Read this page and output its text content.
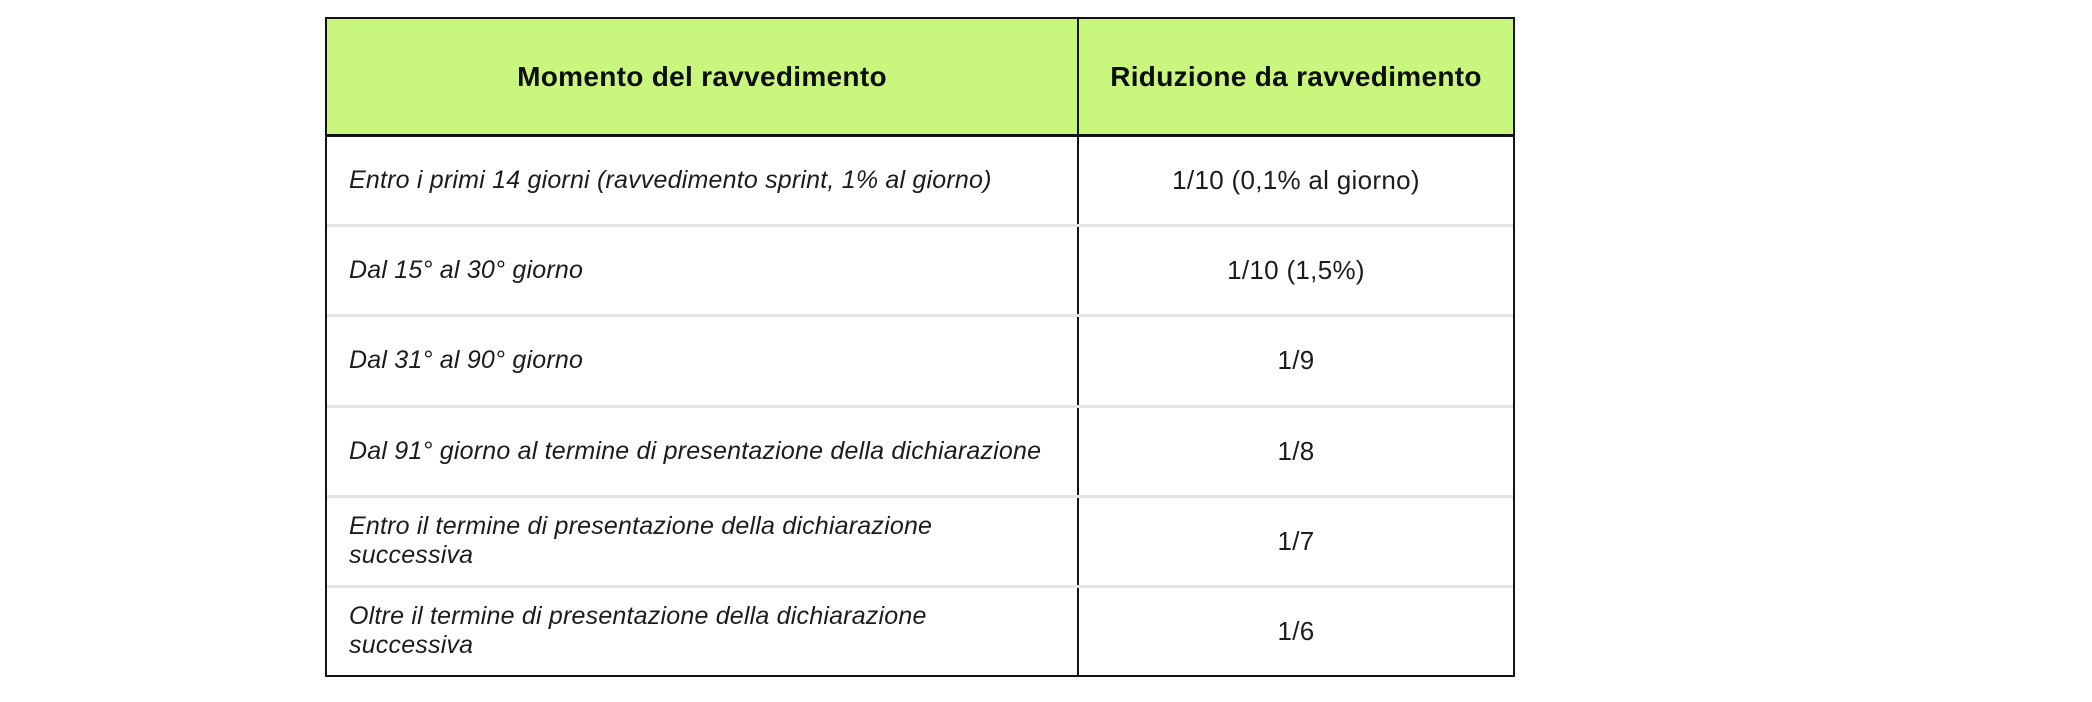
Momento del ravvedimento	Riduzione da ravvedimento
Entro i primi 14 giorni (ravvedimento sprint, 1% al giorno)	1/10 (0,1% al giorno)
Dal 15° al 30° giorno	1/10 (1,5%)
Dal 31° al 90° giorno	1/9
Dal 91° giorno al termine di presentazione della dichiarazione	1/8
Entro il termine di presentazione della dichiarazione successiva	1/7
Oltre il termine di presentazione della dichiarazione successiva	1/6
